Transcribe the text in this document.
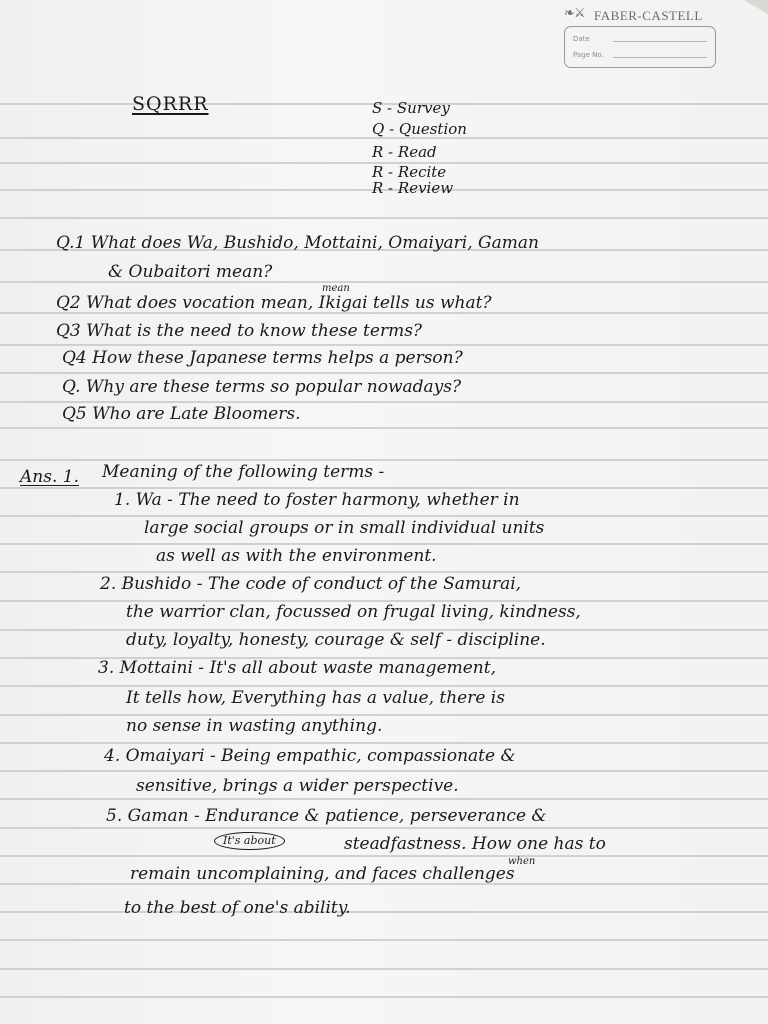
❧⚔ FABER-CASTELL
Date
Page No.
SQRRR	S - Survey
Q - Question
R - Read
R - Recite
R - Review
Q.1 What does Wa, Bushido, Mottaini, Omaiyari, Gaman
& Oubaitori mean?
mean
Q2 What does vocation mean, Ikigai tells us what?
Q3 What is the need to know these terms?
Q4 How these Japanese terms helps a person?
Q. Why are these terms so popular nowadays?
Q5 Who are Late Bloomers.
Ans. 1. Meaning of the following terms -
1. Wa - The need to foster harmony, whether in
large social groups or in small individual units
as well as with the environment.
2. Bushido - The code of conduct of the Samurai,
the warrior clan, focussed on frugal living, kindness,
duty, loyalty, honesty, courage & self - discipline.
3. Mottaini - It's all about waste management,
It tells how, Everything has a value, there is
no sense in wasting anything.
4. Omaiyari - Being empathic, compassionate &
sensitive, brings a wider perspective.
5. Gaman - Endurance & patience, perseverance &
It's about	steadfastness. How one has to
when
remain uncomplaining, and faces challenges
to the best of one's ability.
